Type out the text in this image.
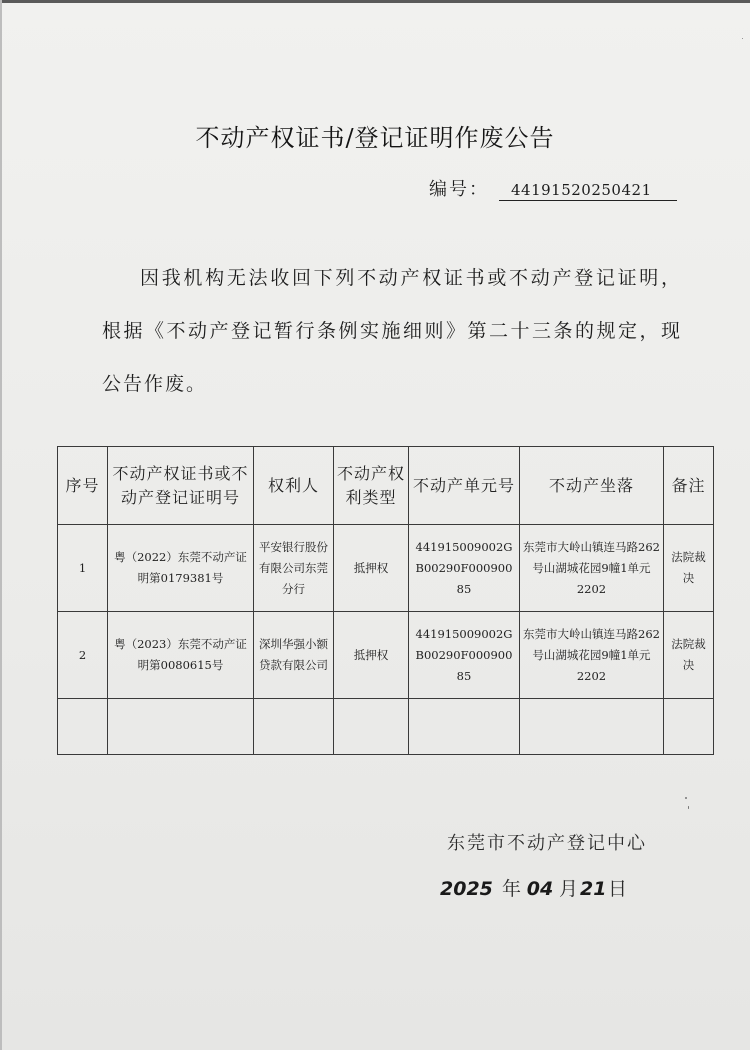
不动产权证书/登记证明作废公告
编号： 44191520250421
因我机构无法收回下列不动产权证书或不动产登记证明，根据《不动产登记暂行条例实施细则》第二十三条的规定，现公告作废。
序号	不动产权证书或不动产登记证明号	权利人	不动产权利类型	不动产单元号	不动产坐落	备注
1	粤（2022）东莞不动产证明第0179381号	平安银行股份有限公司东莞分行	抵押权	441915009002GB00290F00090085	东莞市大岭山镇连马路262号山湖城花园9幢1单元2202	法院裁决
2	粤（2023）东莞不动产证明第0080615号	深圳华强小额贷款有限公司	抵押权	441915009002GB00290F00090085	东莞市大岭山镇连马路262号山湖城花园9幢1单元2202	法院裁决

东莞市不动产登记中心
2025 年 04 月 21日
